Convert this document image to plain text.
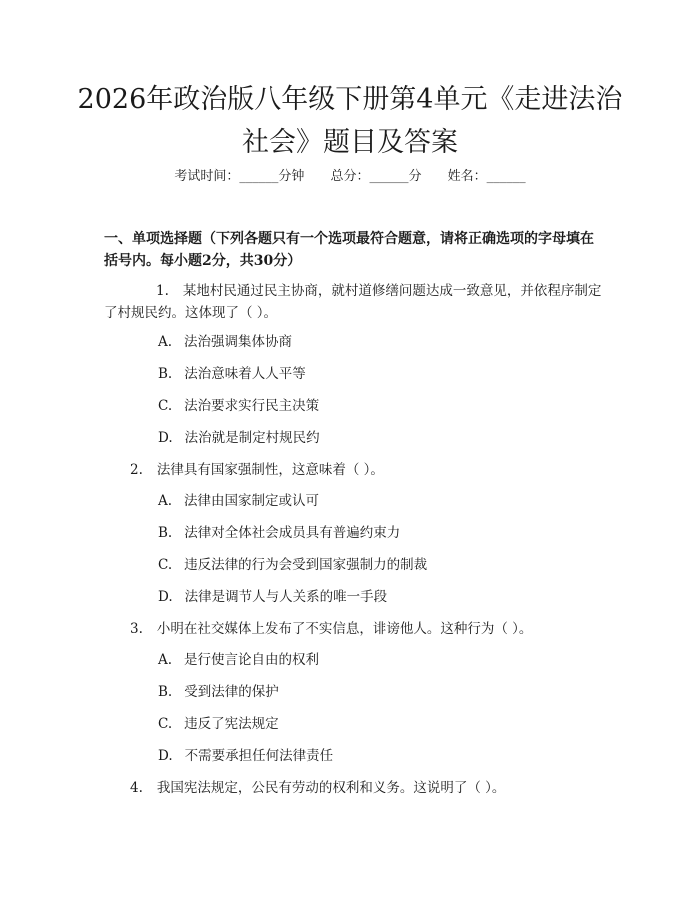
2026年政治版八年级下册第4单元《走进法治社会》题目及答案
考试时间：______分钟 总分：______分 姓名：______
一、单项选择题（下列各题只有一个选项最符合题意，请将正确选项的字母填在括号内。每小题2分，共30分）
1. 某地村民通过民主协商，就村道修缮问题达成一致意见，并依程序制定了村规民约。这体现了（ ）。
A. 法治强调集体协商
B. 法治意味着人人平等
C. 法治要求实行民主决策
D. 法治就是制定村规民约
2. 法律具有国家强制性，这意味着（ ）。
A. 法律由国家制定或认可
B. 法律对全体社会成员具有普遍约束力
C. 违反法律的行为会受到国家强制力的制裁
D. 法律是调节人与人关系的唯一手段
3. 小明在社交媒体上发布了不实信息，诽谤他人。这种行为（ ）。
A. 是行使言论自由的权利
B. 受到法律的保护
C. 违反了宪法规定
D. 不需要承担任何法律责任
4. 我国宪法规定，公民有劳动的权利和义务。这说明了（ ）。
